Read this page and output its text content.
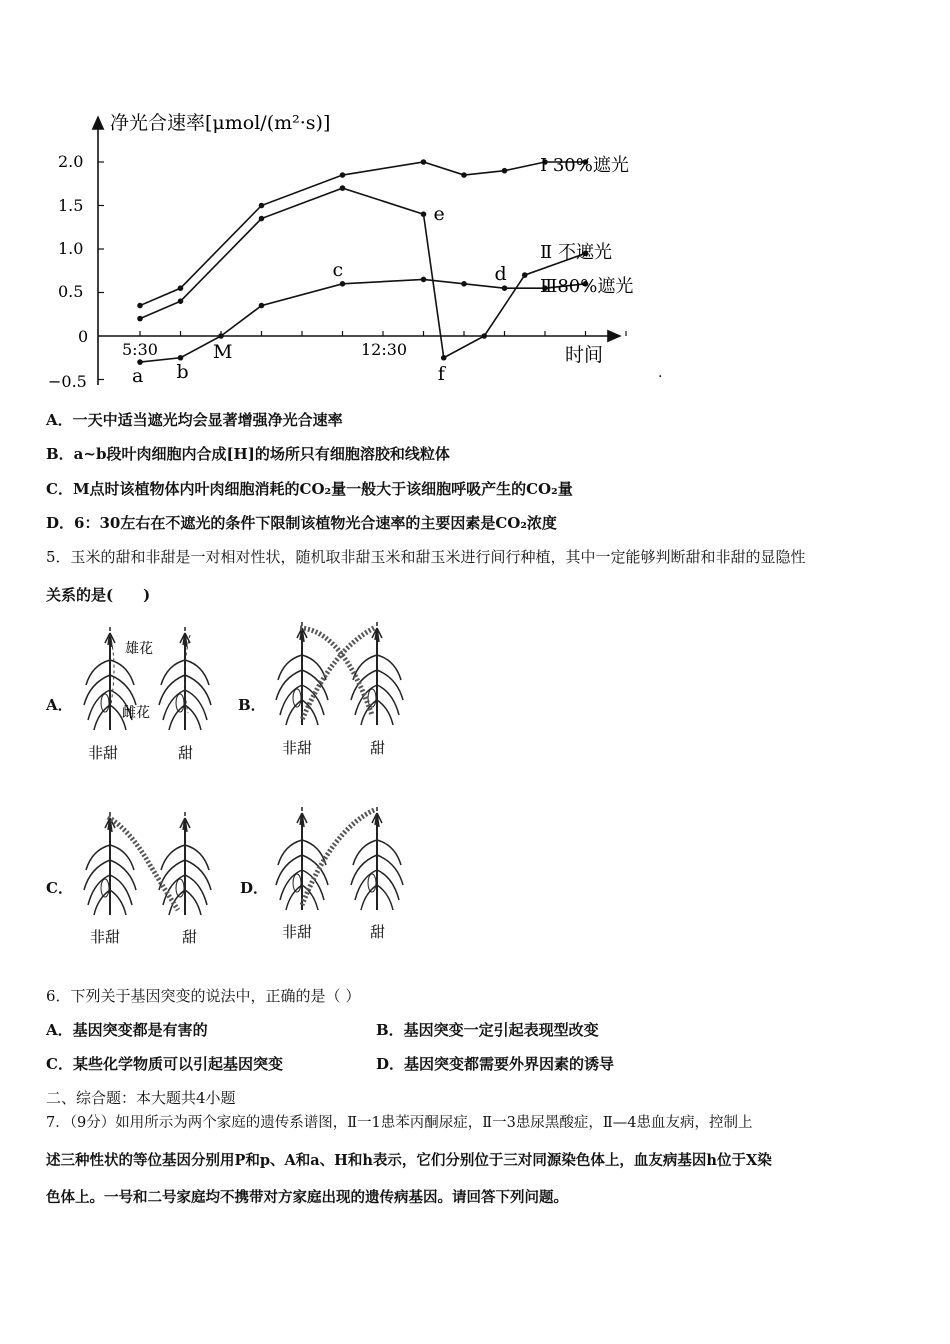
a b
M
c
e
f
d
净光合速率[μmol/(m²·s)]
时间
5:30	12:30
Ⅰ 30%遮光
Ⅱ 不遮光
Ⅲ80%遮光
2.0
1.5
1.0
0.5
0
−0.5	.
A．一天中适当遮光均会显著增强净光合速率
B．a~b段叶肉细胞内合成[H]的场所只有细胞溶胶和线粒体
C．M点时该植物体内叶肉细胞消耗的CO₂量一般大于该细胞呼吸产生的CO₂量
D．6：30左右在不遮光的条件下限制该植物光合速率的主要因素是CO₂浓度
5．玉米的甜和非甜是一对相对性状，随机取非甜玉米和甜玉米进行间行种植，其中一定能够判断甜和非甜的显隐性
关系的是(　　)
A．	B．
C．	D．
雄花
雌花
非甜	甜	非甜	甜
非甜	甜	非甜	甜
6．下列关于基因突变的说法中，正确的是（ ）
A．基因突变都是有害的	B．基因突变一定引起表现型改变
C．某些化学物质可以引起基因突变	D．基因突变都需要外界因素的诱导
二、综合题：本大题共4小题
7．（9分）如用所示为两个家庭的遗传系谱图，Ⅱ一1患苯丙酮尿症，Ⅱ一3患尿黑酸症，Ⅱ—4患血友病，控制上
述三种性状的等位基因分别用P和p、A和a、H和h表示，它们分别位于三对同源染色体上，血友病基因h位于X染
色体上。一号和二号家庭均不携带对方家庭出现的遗传病基因。请回答下列问题。
